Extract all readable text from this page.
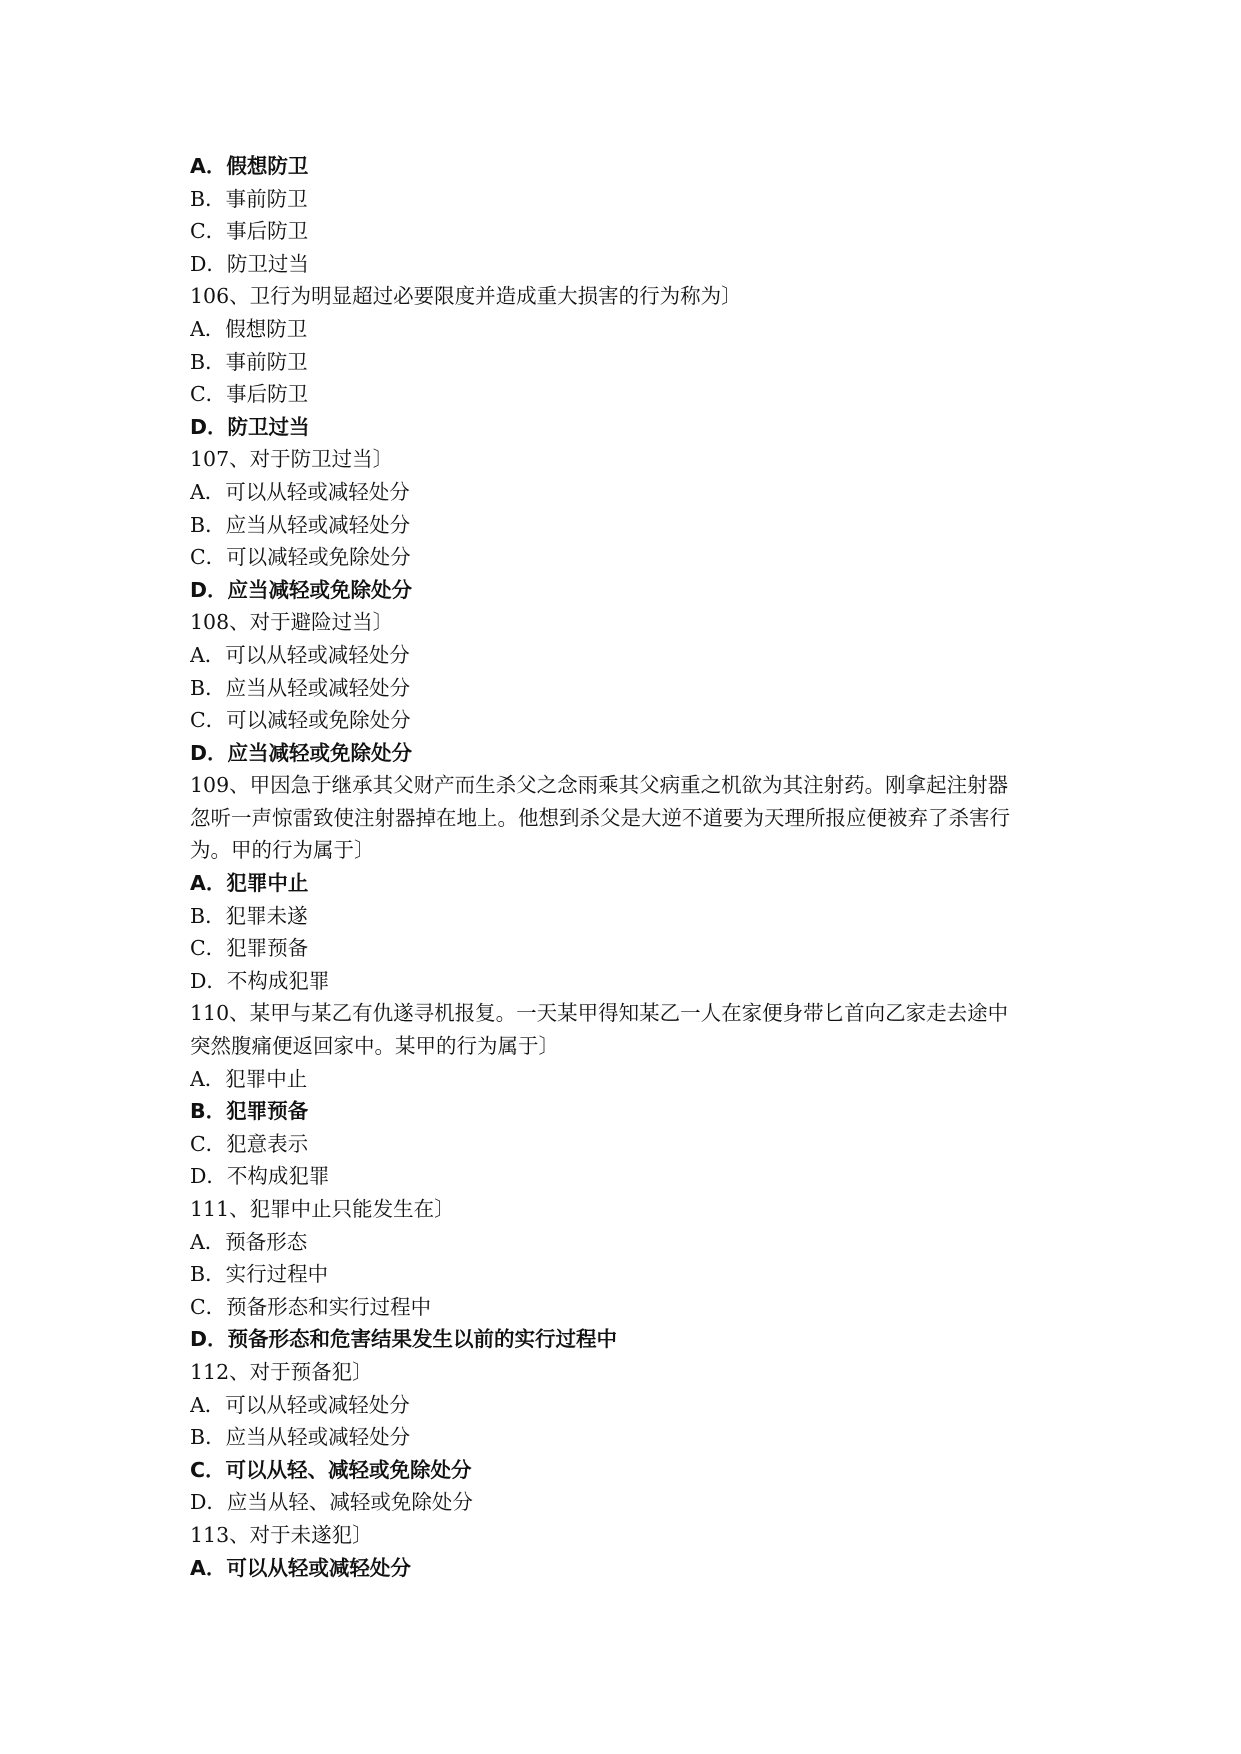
A．假想防卫
B．事前防卫
C．事后防卫
D．防卫过当
106、卫行为明显超过必要限度并造成重大损害的行为称为〕
A．假想防卫
B．事前防卫
C．事后防卫
D．防卫过当
107、对于防卫过当〕
A．可以从轻或减轻处分
B．应当从轻或减轻处分
C．可以减轻或免除处分
D．应当减轻或免除处分
108、对于避险过当〕
A．可以从轻或减轻处分
B．应当从轻或减轻处分
C．可以减轻或免除处分
D．应当减轻或免除处分
109、甲因急于继承其父财产而生杀父之念雨乘其父病重之机欲为其注射药。刚拿起注射器
忽听一声惊雷致使注射器掉在地上。他想到杀父是大逆不道要为天理所报应便被弃了杀害行
为。甲的行为属于〕
A．犯罪中止
B．犯罪未遂
C．犯罪预备
D．不构成犯罪
110、某甲与某乙有仇遂寻机报复。一天某甲得知某乙一人在家便身带匕首向乙家走去途中
突然腹痛便返回家中。某甲的行为属于〕
A．犯罪中止
B．犯罪预备
C．犯意表示
D．不构成犯罪
111、犯罪中止只能发生在〕
A．预备形态
B．实行过程中
C．预备形态和实行过程中
D．预备形态和危害结果发生以前的实行过程中
112、对于预备犯〕
A．可以从轻或减轻处分
B．应当从轻或减轻处分
C．可以从轻、减轻或免除处分
D．应当从轻、减轻或免除处分
113、对于未遂犯〕
A．可以从轻或减轻处分
